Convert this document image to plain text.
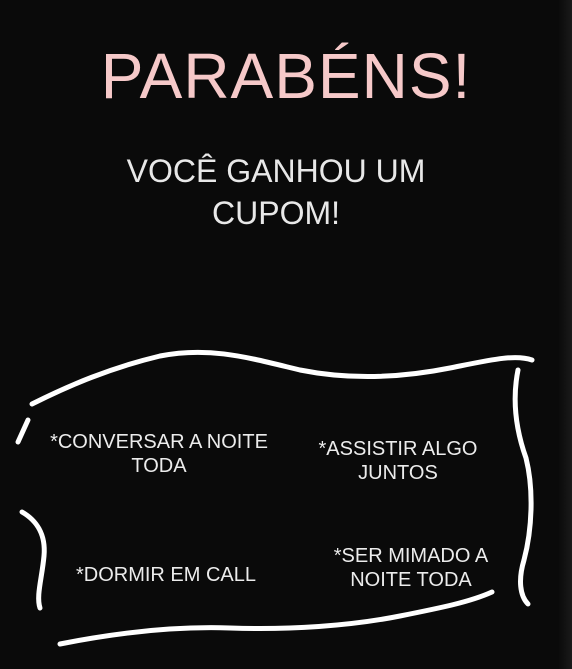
PARABÉNS!
VOCÊ GANHOU UM CUPOM!
*CONVERSAR A NOITE TODA
*ASSISTIR ALGO JUNTOS
*DORMIR EM CALL
*SER MIMADO A NOITE TODA
